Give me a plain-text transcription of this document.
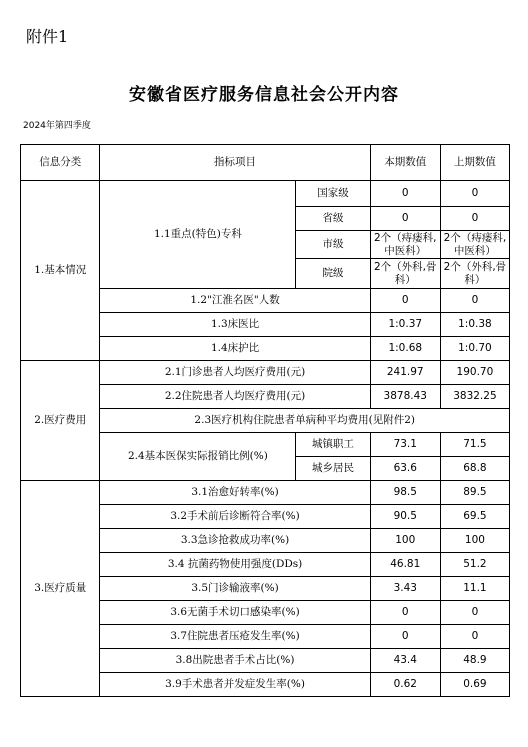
附件1
安徽省医疗服务信息社会公开内容
2024年第四季度
信息分类	指标项目		本期数值	上期数值
1.基本情况	1.1重点(特色)专科	国家级	0	0
		省级	0	0
		市级	2个（痔瘘科,中医科）	2个（痔瘘科,中医科）
		院级	2个（外科,骨科）	2个（外科,骨科）
	1.2"江淮名医"人数		0	0
	1.3床医比		1:0.37	1:0.38
	1.4床护比		1:0.68	1:0.70
2.医疗费用	2.1门诊患者人均医疗费用(元)		241.97	190.70
	2.2住院患者人均医疗费用(元)		3878.43	3832.25
	2.3医疗机构住院患者单病种平均费用(见附件2)			
	2.4基本医保实际报销比例(%)	城镇职工	73.1	71.5
		城乡居民	63.6	68.8
3.医疗质量	3.1治愈好转率(%)		98.5	89.5
	3.2手术前后诊断符合率(%)		90.5	69.5
	3.3急诊抢救成功率(%)		100	100
	3.4 抗菌药物使用强度(DDs)		46.81	51.2
	3.5门诊输液率(%)		3.43	11.1
	3.6无菌手术切口感染率(%)		0	0
	3.7住院患者压疮发生率(%)		0	0
	3.8出院患者手术占比(%)		43.4	48.9
	3.9手术患者并发症发生率(%)		0.62	0.69
